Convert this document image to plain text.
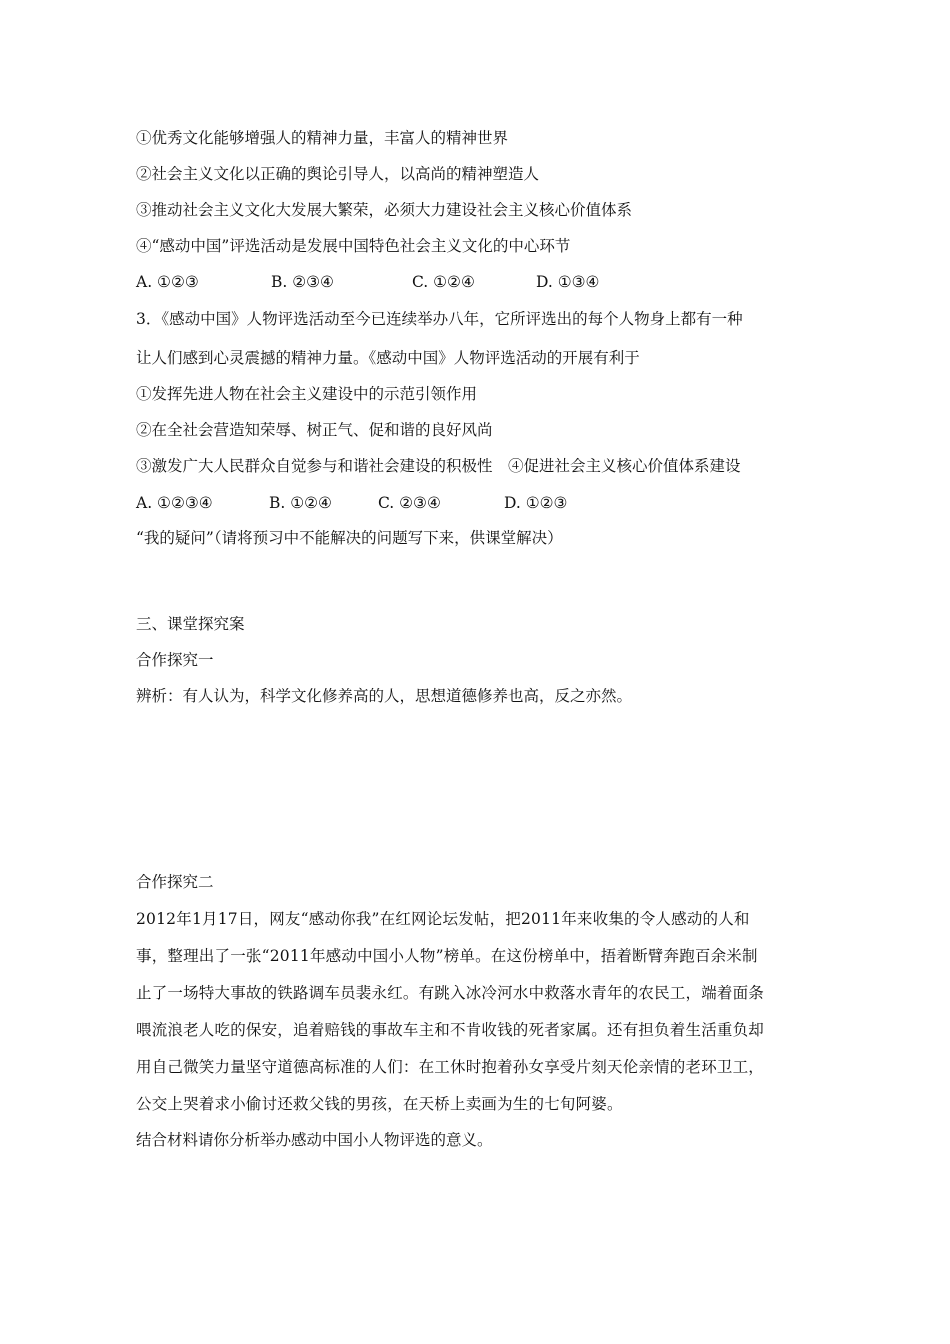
①优秀文化能够增强人的精神力量，丰富人的精神世界
②社会主义文化以正确的舆论引导人，以高尚的精神塑造人
③推动社会主义文化大发展大繁荣，必须大力建设社会主义核心价值体系
④“感动中国”评选活动是发展中国特色社会主义文化的中心环节
A. ①②③	B. ②③④	C. ①②④	D. ①③④
3．《感动中国》人物评选活动至今已连续举办八年，它所评选出的每个人物身上都有一种
让人们感到心灵震撼的精神力量。《感动中国》人物评选活动的开展有利于
①发挥先进人物在社会主义建设中的示范引领作用
②在全社会营造知荣辱、树正气、促和谐的良好风尚
③激发广大人民群众自觉参与和谐社会建设的积极性　④促进社会主义核心价值体系建设
A. ①②③④	B. ①②④	C. ②③④	D. ①②③
“我的疑问”（请将预习中不能解决的问题写下来，供课堂解决）
三、课堂探究案
合作探究一
辨析：有人认为，科学文化修养高的人，思想道德修养也高，反之亦然。
合作探究二
2012年1月17日，网友“感动你我”在红网论坛发帖，把2011年来收集的令人感动的人和
事，整理出了一张“2011年感动中国小人物”榜单。在这份榜单中，捂着断臂奔跑百余米制
止了一场特大事故的铁路调车员裴永红。有跳入冰冷河水中救落水青年的农民工，端着面条
喂流浪老人吃的保安，追着赔钱的事故车主和不肯收钱的死者家属。还有担负着生活重负却
用自己微笑力量坚守道德高标准的人们：在工休时抱着孙女享受片刻天伦亲情的老环卫工，
公交上哭着求小偷讨还救父钱的男孩，在天桥上卖画为生的七旬阿婆。
结合材料请你分析举办感动中国小人物评选的意义。
